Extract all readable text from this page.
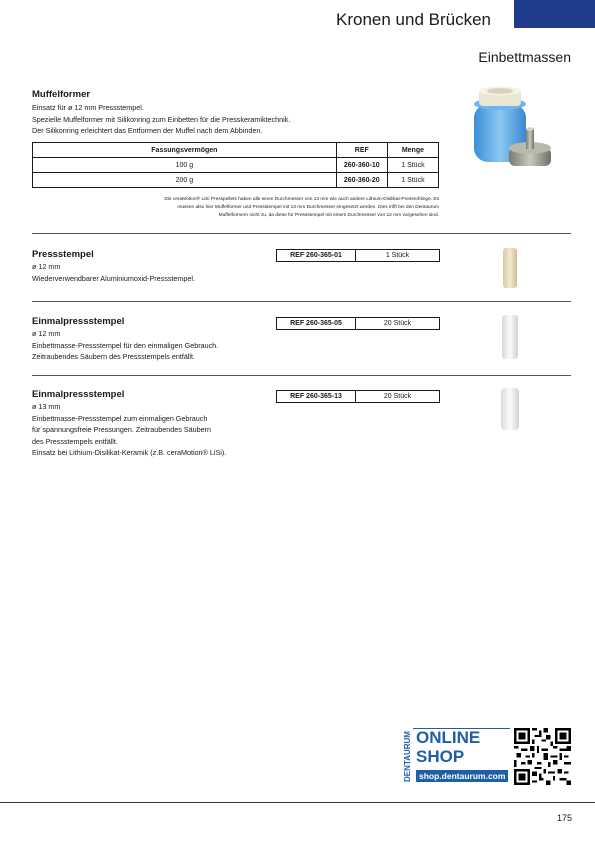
Kronen und Brücken
Einbettmassen
Muffelformer
Einsatz für ø 12 mm Pressstempel.
Spezielle Muffelformer mit Silikonring zum Einbetten für die Presskeramiktechnik.
Der Silikonring erleichtert das Entformen der Muffel nach dem Abbinden.
Fassungsvermögen	REF	Menge
100 g	260-360-10	1 Stück
200 g	260-360-20	1 Stück
Die ceraMotion® LiSi Presspellets haben alle einen Durchmesser von 13 mm wie auch andere Lithium-Disilikat-Pressrohlinge. Es
müssen also hier Muffelformer und Pressstempel mit 13 mm Durchmesser eingesetzt werden. Dies trifft bei den Dentaurum
Muffelformern nicht zu, da diese für Pressstempel mit einem Durchmesser von 12 mm vorgesehen sind.
Pressstempel	REF 260-365-01	1 Stück
ø 12 mm
Wiederverwendbarer Aluminiumoxid-Pressstempel.
Einmalpressstempel	REF 260-365-05	20 Stück
ø 12 mm
Einbettmasse-Pressstempel für den einmaligen Gebrauch.
Zeitraubendes Säubern des Pressstempels entfällt.
Einmalpressstempel	REF 260-365-13	20 Stück
ø 13 mm
Einbettmasse-Pressstempel zum einmaligen Gebrauch
für spannungsfreie Pressungen. Zeitraubendes Säubern
des Pressstempels entfällt.
Einsatz bei Lithium-Disilikat-Keramik (z.B. ceraMotion® LiSi).
DENTAURUM ONLINE
SHOP
shop.dentaurum.com
175
